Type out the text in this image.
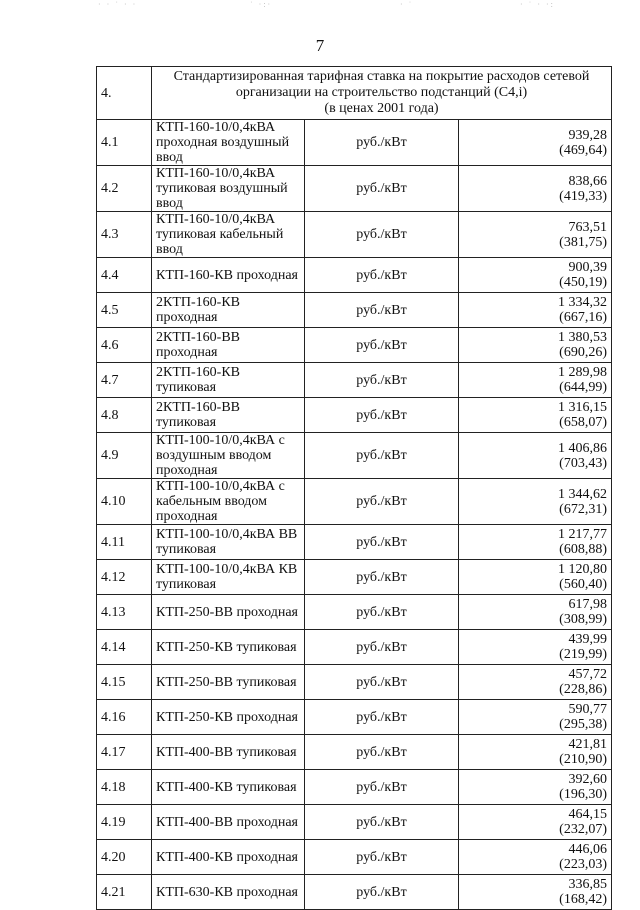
· · ˙ · ·	˙ ·:·	· ˙	· ˙ · ·:
7
4.	Стандартизированная тарифная ставка на покрытие расходов сетевой
организации на строительство подстанций (С4,i)
(в ценах 2001 года)		

4.1	КТП-160-10/0,4кВА проходная воздушный ввод	руб./кВт	939,28
(469,64)

4.2	КТП-160-10/0,4кВА тупиковая воздушный ввод	руб./кВт	838,66
(419,33)

4.3	КТП-160-10/0,4кВА тупиковая кабельный ввод	руб./кВт	763,51
(381,75)

4.4	КТП-160-КВ проходная	руб./кВт	900,39
(450,19)

4.5	2КТП-160-КВ проходная	руб./кВт	1 334,32
(667,16)

4.6	2КТП-160-ВВ проходная	руб./кВт	1 380,53
(690,26)

4.7	2КТП-160-КВ тупиковая	руб./кВт	1 289,98
(644,99)

4.8	2КТП-160-ВВ тупиковая	руб./кВт	1 316,15
(658,07)

4.9	КТП-100-10/0,4кВА с воздушным вводом проходная	руб./кВт	1 406,86
(703,43)

4.10	КТП-100-10/0,4кВА с кабельным вводом проходная	руб./кВт	1 344,62
(672,31)

4.11	КТП-100-10/0,4кВА ВВ тупиковая	руб./кВт	1 217,77
(608,88)

4.12	КТП-100-10/0,4кВА КВ тупиковая	руб./кВт	1 120,80
(560,40)

4.13	КТП-250-ВВ проходная	руб./кВт	617,98
(308,99)

4.14	КТП-250-КВ тупиковая	руб./кВт	439,99
(219,99)

4.15	КТП-250-ВВ тупиковая	руб./кВт	457,72
(228,86)

4.16	КТП-250-КВ проходная	руб./кВт	590,77
(295,38)

4.17	КТП-400-ВВ тупиковая	руб./кВт	421,81
(210,90)

4.18	КТП-400-КВ тупиковая	руб./кВт	392,60
(196,30)

4.19	КТП-400-ВВ проходная	руб./кВт	464,15
(232,07)

4.20	КТП-400-КВ проходная	руб./кВт	446,06
(223,03)

4.21	КТП-630-КВ проходная	руб./кВт	336,85
(168,42)
